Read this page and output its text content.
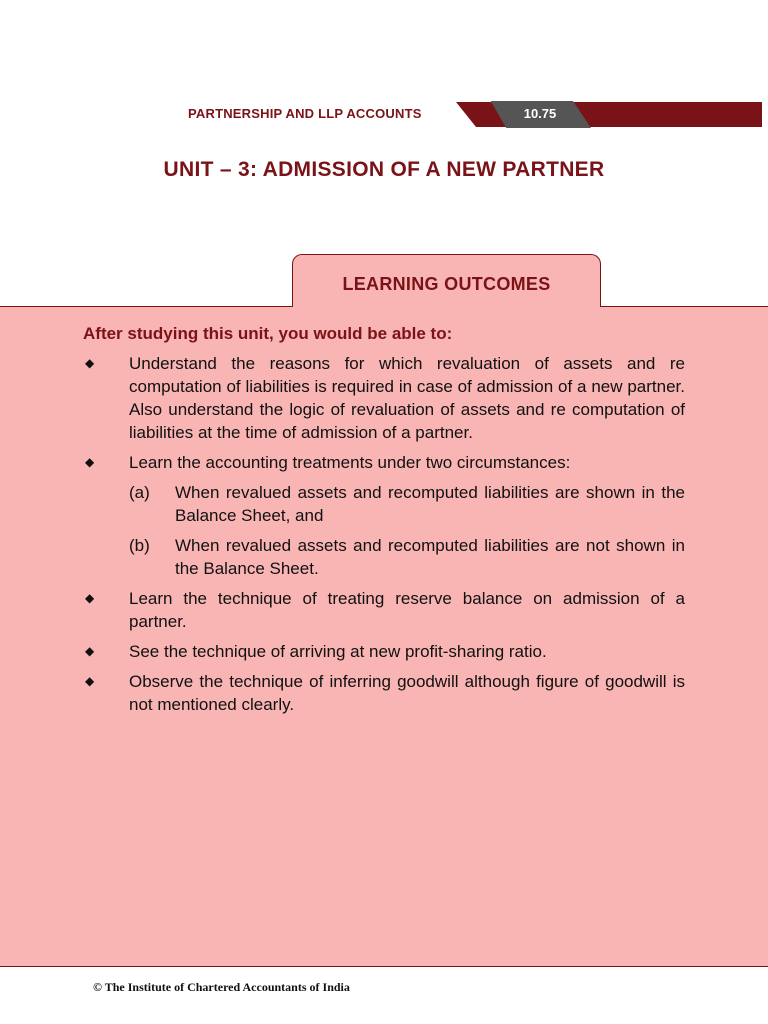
PARTNERSHIP AND LLP ACCOUNTS	10.75
UNIT – 3: ADMISSION OF A NEW PARTNER
LEARNING OUTCOMES
After studying this unit, you would be able to:
◆ Understand the reasons for which revaluation of assets and re computation of liabilities is required in case of admission of a new partner. Also understand the logic of revaluation of assets and re computation of liabilities at the time of admission of a partner.
◆ Learn the accounting treatments under two circumstances:
(a) When revalued assets and recomputed liabilities are shown in the Balance Sheet, and
(b) When revalued assets and recomputed liabilities are not shown in the Balance Sheet.
◆ Learn the technique of treating reserve balance on admission of a partner.
◆ See the technique of arriving at new profit-sharing ratio.
◆ Observe the technique of inferring goodwill although figure of goodwill is not mentioned clearly.
© The Institute of Chartered Accountants of India
